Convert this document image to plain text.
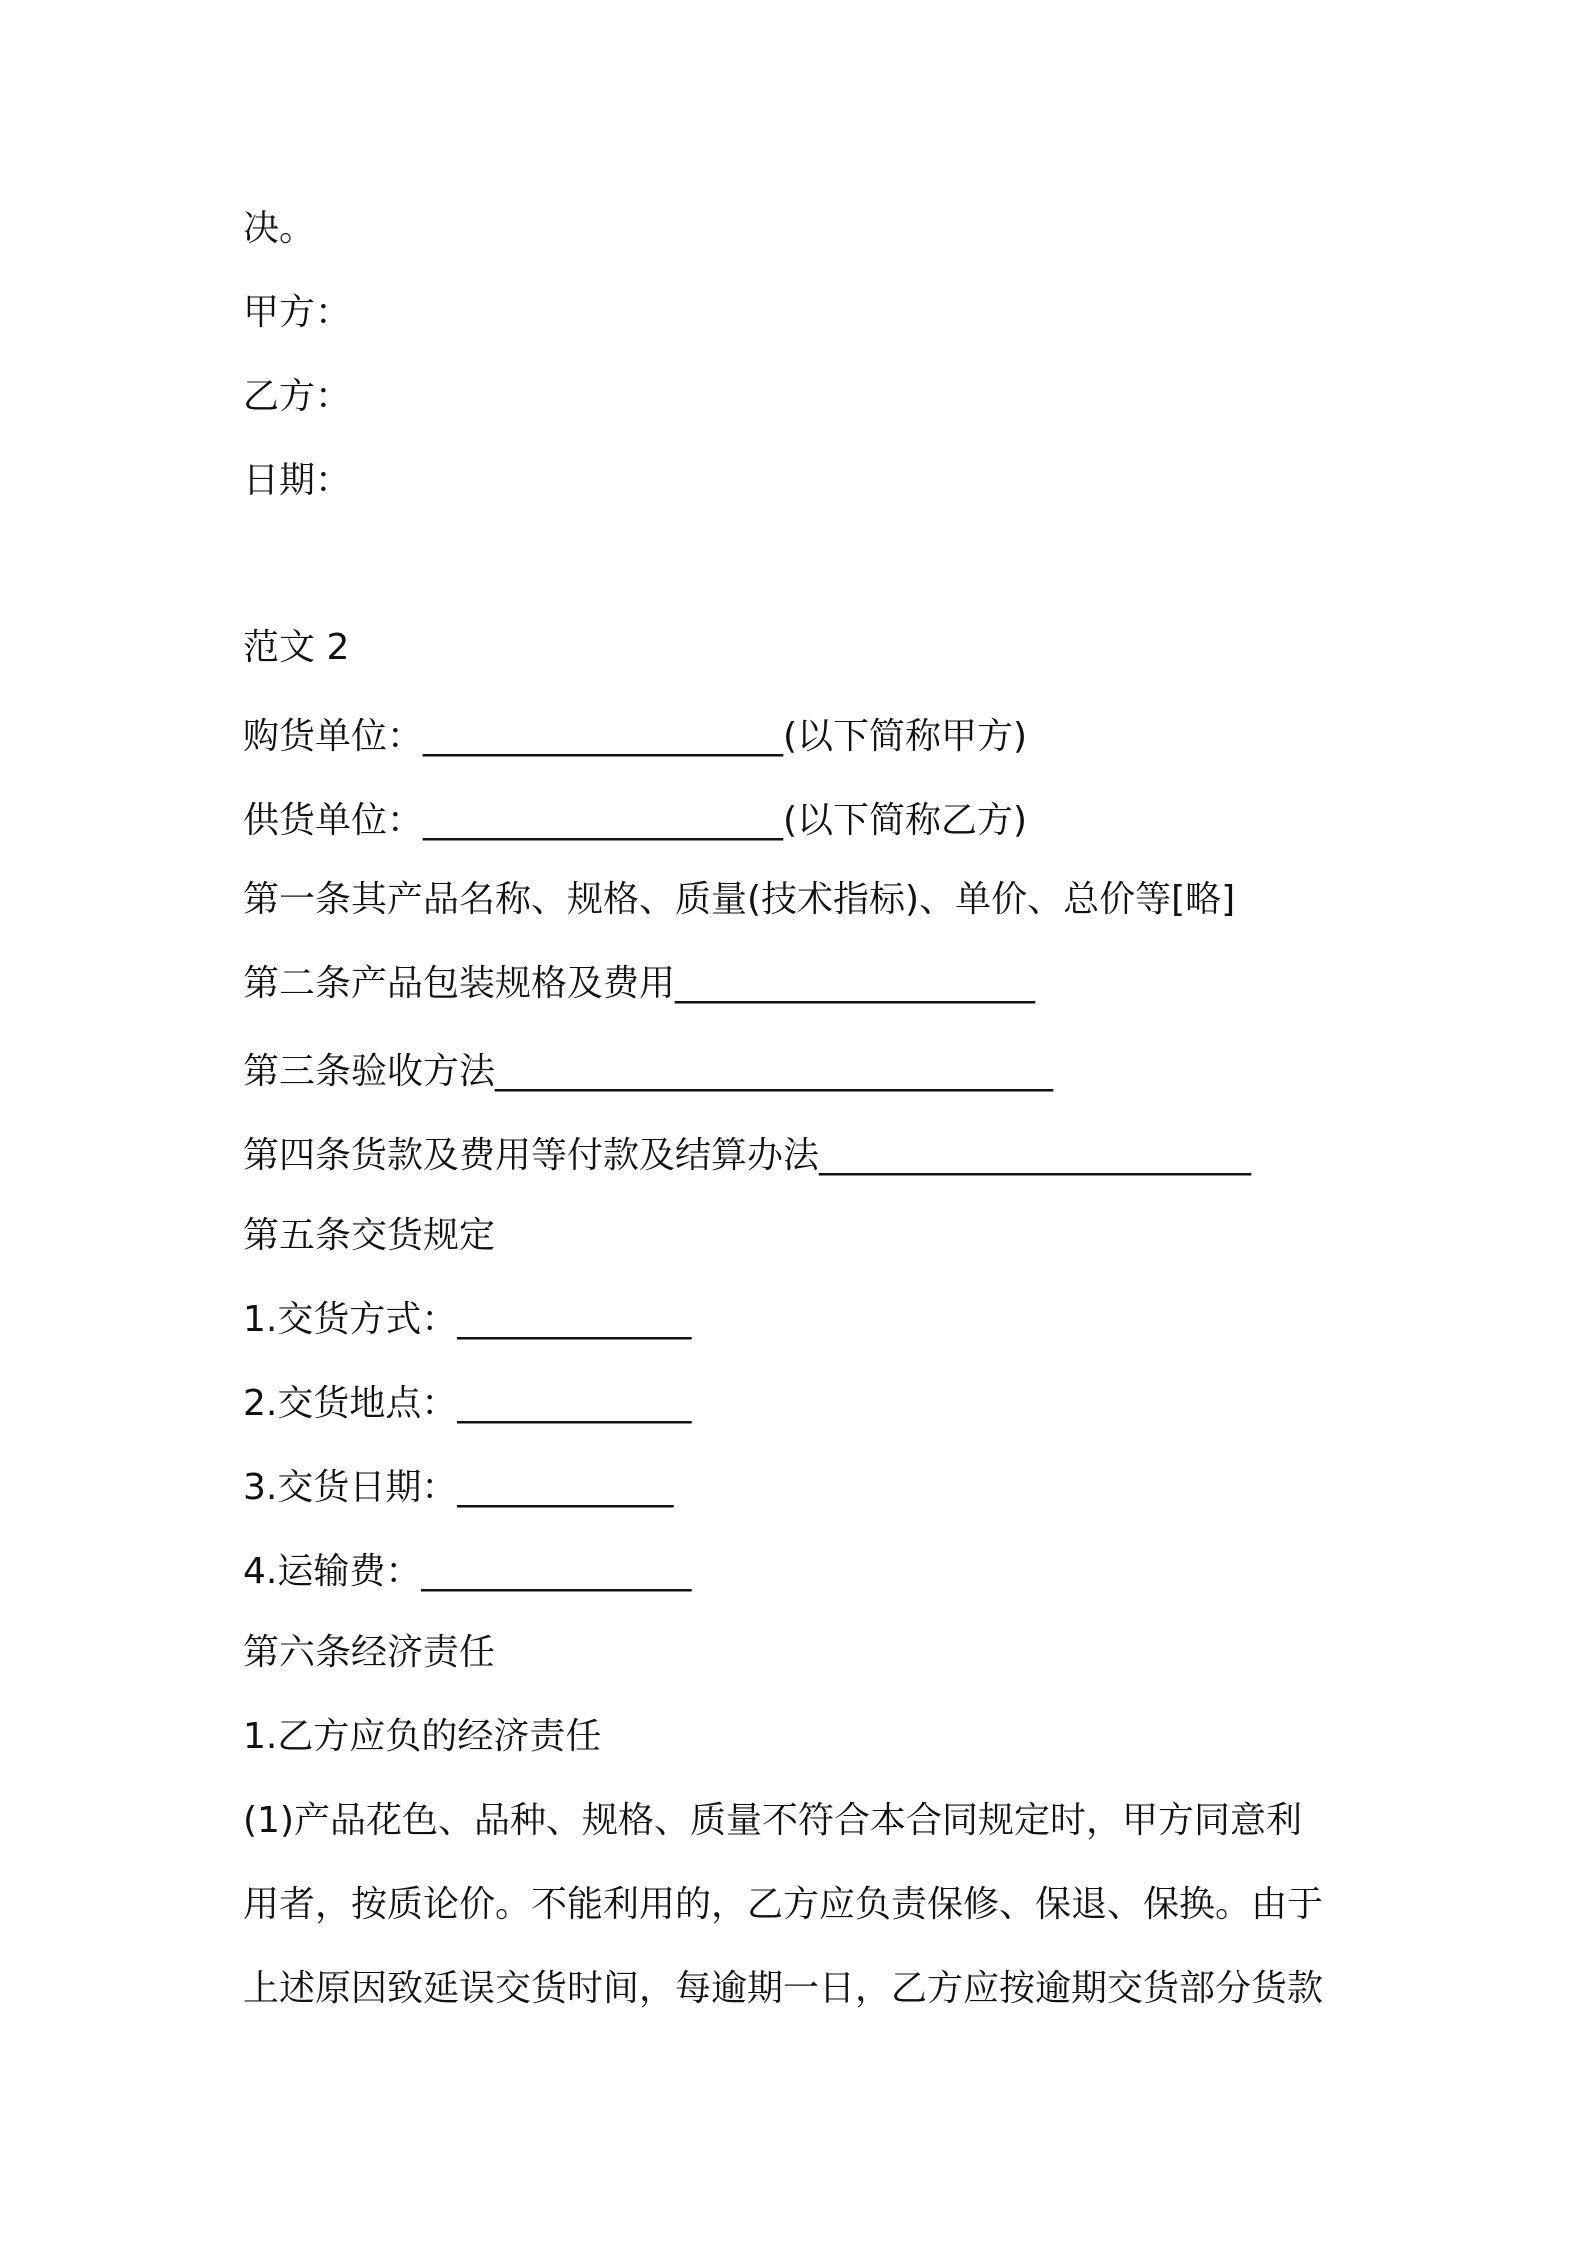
决。
甲方：
乙方：
日期：
范文 2
购货单位：____________________(以下简称甲方)
供货单位：____________________(以下简称乙方)
第一条其产品名称、规格、质量(技术指标)、单价、总价等[略]
第二条产品包装规格及费用____________________
第三条验收方法_______________________________
第四条货款及费用等付款及结算办法________________________
第五条交货规定
1.交货方式：_____________
2.交货地点：_____________
3.交货日期：____________
4.运输费：_______________
第六条经济责任
1.乙方应负的经济责任
(1)产品花色、品种、规格、质量不符合本合同规定时，甲方同意利
用者，按质论价。不能利用的，乙方应负责保修、保退、保换。由于
上述原因致延误交货时间，每逾期一日，乙方应按逾期交货部分货款
